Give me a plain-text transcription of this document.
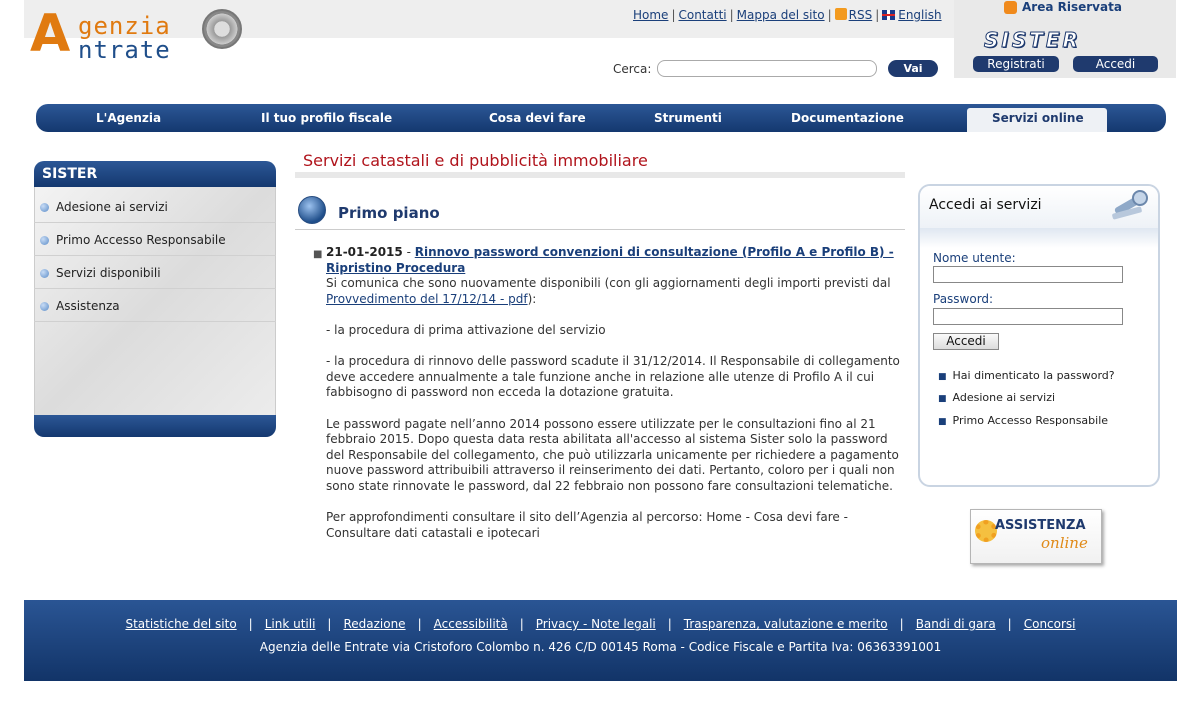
A genzia
ntrate
Home | Contatti | Mappa del sito | RSS | English
Cerca:	Vai
Area Riservata
SISTER
Registrati	Accedi
L'Agenzia	Il tuo profilo fiscale	Cosa devi fare	Strumenti	Documentazione	Servizi online
SISTER
Adesione ai servizi
Primo Accesso Responsabile
Servizi disponibili
Assistenza
Servizi catastali e di pubblicità immobiliare
Primo piano
■ 21-01-2015 - Rinnovo password convenzioni di consultazione (Profilo A e Profilo B) - Ripristino Procedura
Si comunica che sono nuovamente disponibili (con gli aggiornamenti degli importi previsti dal Provvedimento del 17/12/14 - pdf):

- la procedura di prima attivazione del servizio

- la procedura di rinnovo delle password scadute il 31/12/2014. Il Responsabile di collegamento deve accedere annualmente a tale funzione anche in relazione alle utenze di Profilo A il cui fabbisogno di password non ecceda la dotazione gratuita.

Le password pagate nell’anno 2014 possono essere utilizzate per le consultazioni fino al 21 febbraio 2015. Dopo questa data resta abilitata all'accesso al sistema Sister solo la password del Responsabile del collegamento, che può utilizzarla unicamente per richiedere a pagamento nuove password attribuibili attraverso il reinserimento dei dati. Pertanto, coloro per i quali non sono state rinnovate le password, dal 22 febbraio non possono fare consultazioni telematiche.

Per approfondimenti consultare il sito dell’Agenzia al percorso: Home - Cosa devi fare - Consultare dati catastali e ipotecari

Accedi ai servizi
Nome utente:
Password:
Accedi
■ Hai dimenticato la password?
■ Adesione ai servizi
■ Primo Accesso Responsabile
ASSISTENZA
online
Statistiche del sito | Link utili | Redazione | Accessibilità | Privacy - Note legali | Trasparenza, valutazione e merito | Bandi di gara | Concorsi
Agenzia delle Entrate via Cristoforo Colombo n. 426 C/D 00145 Roma - Codice Fiscale e Partita Iva: 06363391001
